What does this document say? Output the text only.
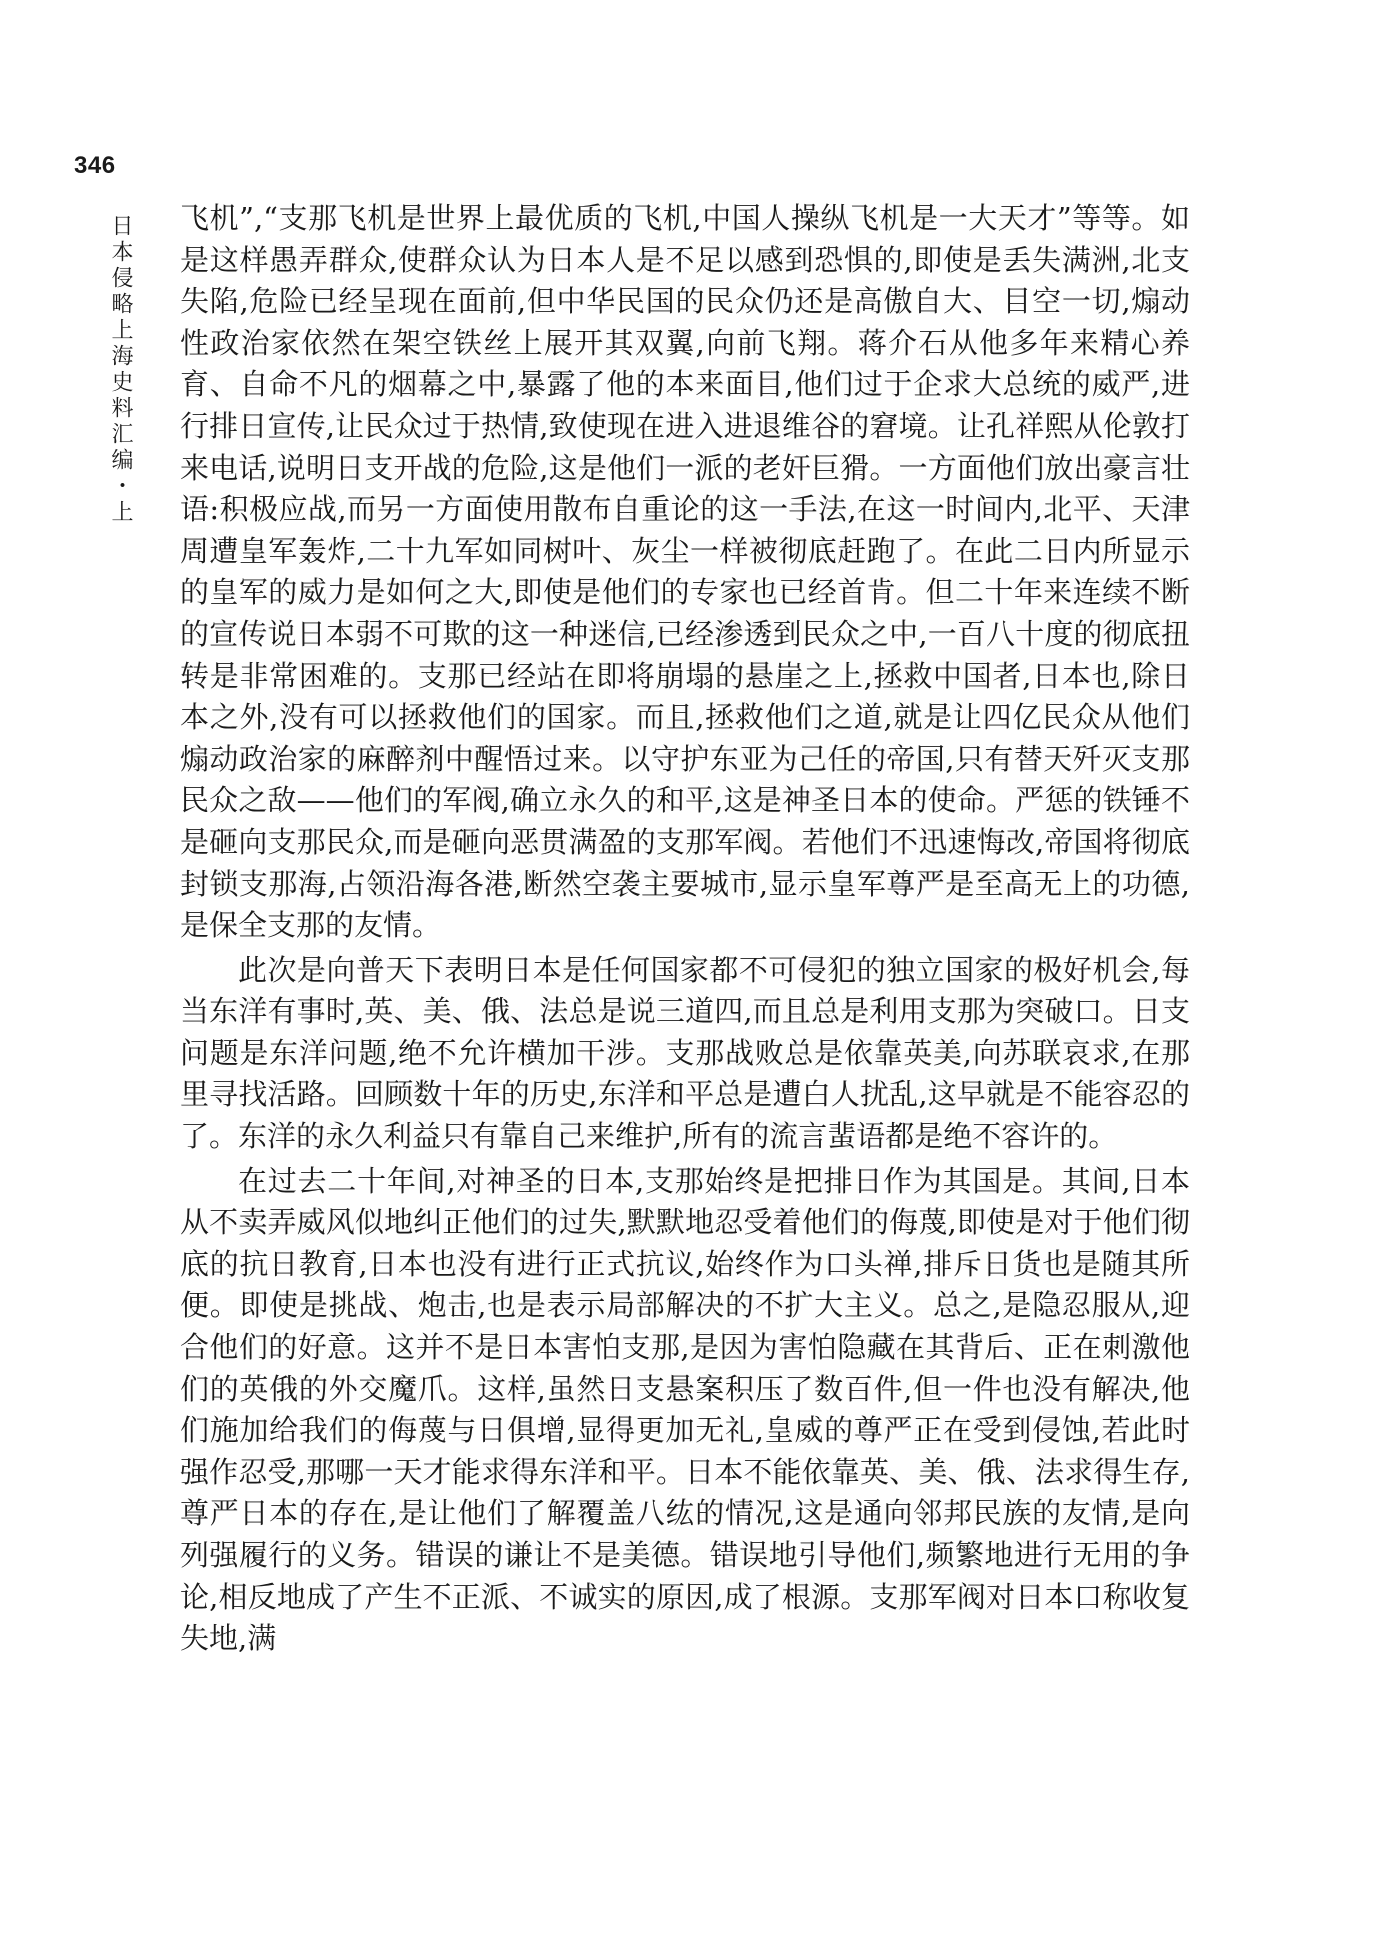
346
日本侵略上海史料汇编・上 飞机”,“支那飞机是世界上最优质的飞机,中国人操纵飞机是一大天才”等等。如是这样愚弄群众,使群众认为日本人是不足以感到恐惧的,即使是丢失满洲,北支失陷,危险已经呈现在面前,但中华民国的民众仍还是高傲自大、目空一切,煽动性政治家依然在架空铁丝上展开其双翼,向前飞翔。蒋介石从他多年来精心养育、自命不凡的烟幕之中,暴露了他的本来面目,他们过于企求大总统的威严,进行排日宣传,让民众过于热情,致使现在进入进退维谷的窘境。让孔祥熙从伦敦打来电话,说明日支开战的危险,这是他们一派的老奸巨猾。一方面他们放出豪言壮语:积极应战,而另一方面使用散布自重论的这一手法,在这一时间内,北平、天津周遭皇军轰炸,二十九军如同树叶、灰尘一样被彻底赶跑了。在此二日内所显示的皇军的威力是如何之大,即使是他们的专家也已经首肯。但二十年来连续不断的宣传说日本弱不可欺的这一种迷信,已经渗透到民众之中,一百八十度的彻底扭转是非常困难的。支那已经站在即将崩塌的悬崖之上,拯救中国者,日本也,除日本之外,没有可以拯救他们的国家。而且,拯救他们之道,就是让四亿民众从他们煽动政治家的麻醉剂中醒悟过来。以守护东亚为己任的帝国,只有替天歼灭支那民众之敌——他们的军阀,确立永久的和平,这是神圣日本的使命。严惩的铁锤不是砸向支那民众,而是砸向恶贯满盈的支那军阀。若他们不迅速悔改,帝国将彻底封锁支那海,占领沿海各港,断然空袭主要城市,显示皇军尊严是至高无上的功德,是保全支那的友情。

此次是向普天下表明日本是任何国家都不可侵犯的独立国家的极好机会,每当东洋有事时,英、美、俄、法总是说三道四,而且总是利用支那为突破口。日支问题是东洋问题,绝不允许横加干涉。支那战败总是依靠英美,向苏联哀求,在那里寻找活路。回顾数十年的历史,东洋和平总是遭白人扰乱,这早就是不能容忍的了。东洋的永久利益只有靠自己来维护,所有的流言蜚语都是绝不容许的。

在过去二十年间,对神圣的日本,支那始终是把排日作为其国是。其间,日本从不卖弄威风似地纠正他们的过失,默默地忍受着他们的侮蔑,即使是对于他们彻底的抗日教育,日本也没有进行正式抗议,始终作为口头禅,排斥日货也是随其所便。即使是挑战、炮击,也是表示局部解决的不扩大主义。总之,是隐忍服从,迎合他们的好意。这并不是日本害怕支那,是因为害怕隐藏在其背后、正在刺激他们的英俄的外交魔爪。这样,虽然日支悬案积压了数百件,但一件也没有解决,他们施加给我们的侮蔑与日俱增,显得更加无礼,皇威的尊严正在受到侵蚀,若此时强作忍受,那哪一天才能求得东洋和平。日本不能依靠英、美、俄、法求得生存,尊严日本的存在,是让他们了解覆盖八纮的情况,这是通向邻邦民族的友情,是向列强履行的义务。错误的谦让不是美德。错误地引导他们,频繁地进行无用的争论,相反地成了产生不正派、不诚实的原因,成了根源。支那军阀对日本口称收复失地,满
